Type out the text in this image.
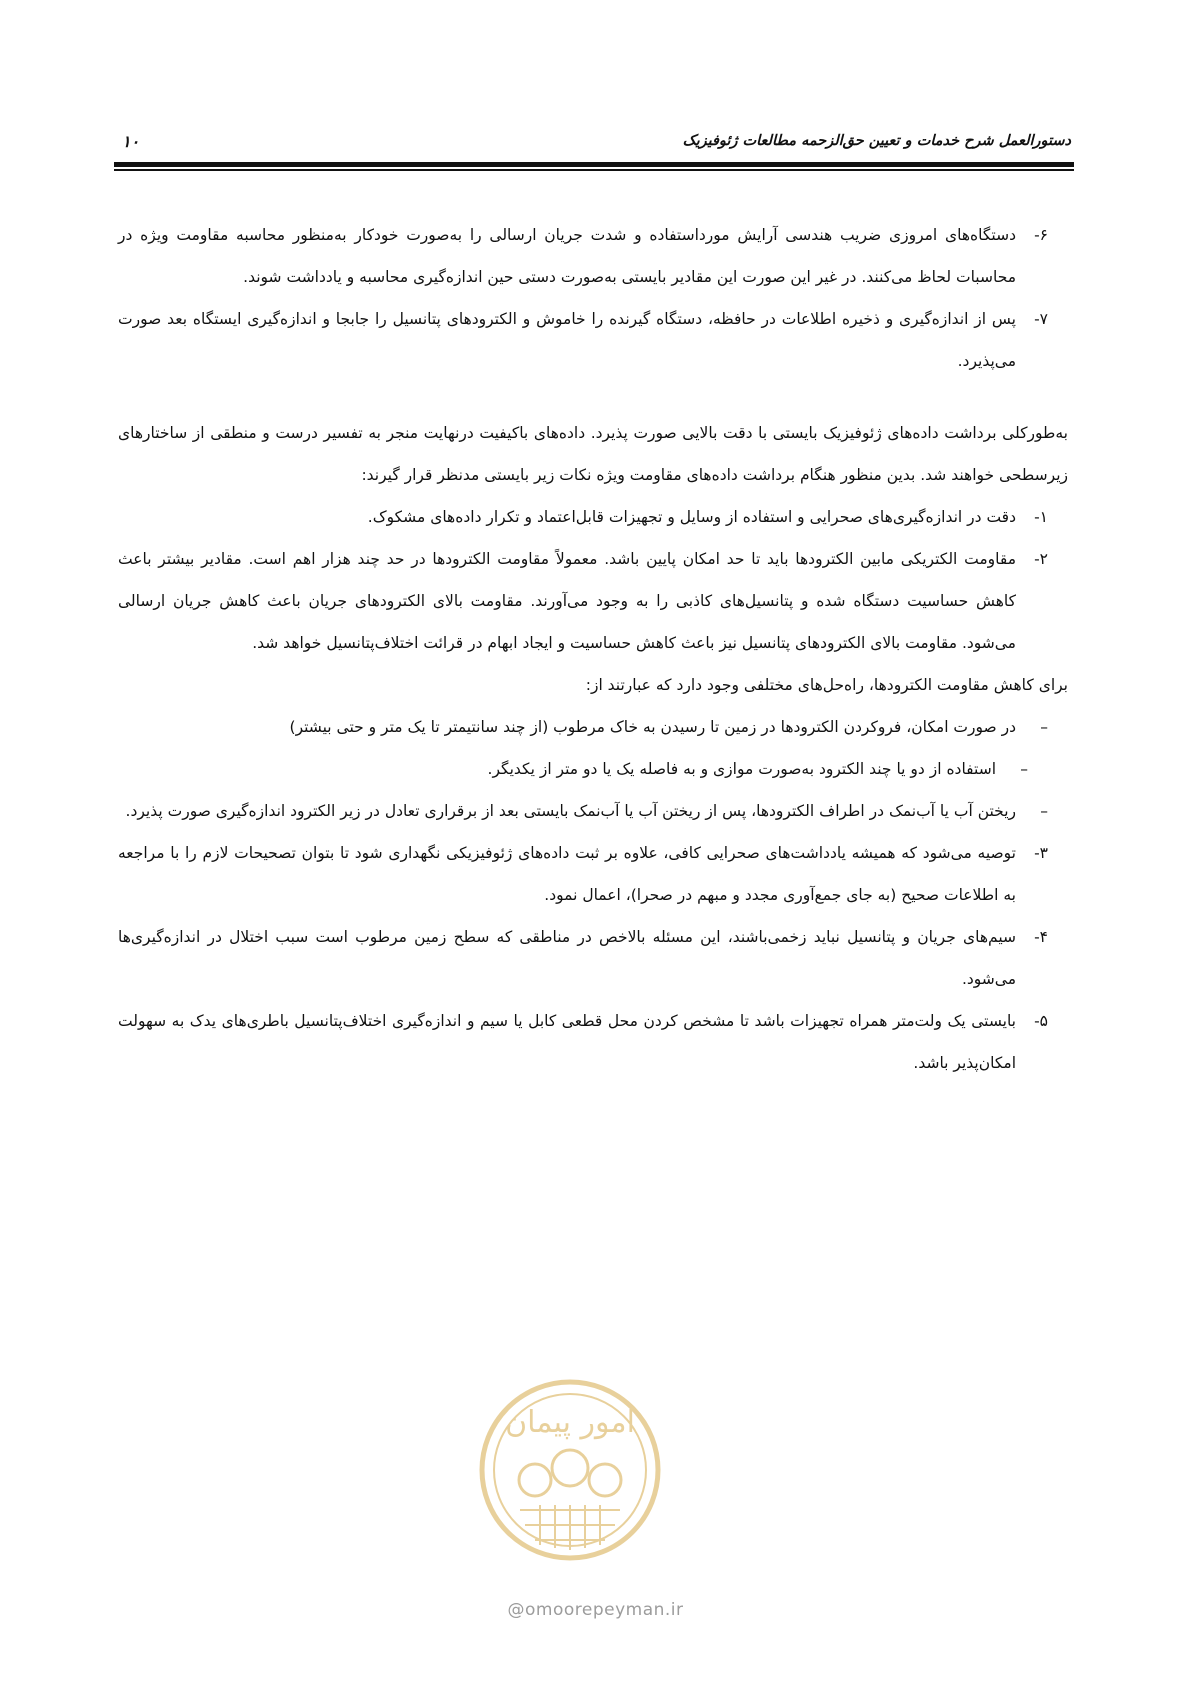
دستورالعمل شرح خدمات و تعیین حق‌الزحمه مطالعات ژئوفیزیک
۱۰
۶-
دستگاه‌های امروزی ضریب هندسی آرایش مورداستفاده و شدت جریان ارسالی را به‌صورت خودکار به‌منظور محاسبه مقاومت ویژه در محاسبات لحاظ می‌کنند. در غیر این صورت این مقادیر بایستی به‌صورت دستی حین اندازه‌گیری محاسبه و یادداشت شوند.
۷-
پس از اندازه‌گیری و ذخیره اطلاعات در حافظه، دستگاه گیرنده را خاموش و الکترودهای پتانسیل را جابجا و اندازه‌گیری ایستگاه بعد صورت می‌پذیرد.
به‌طورکلی برداشت داده‌های ژئوفیزیک بایستی با دقت بالایی صورت پذیرد. داده‌های باکیفیت درنهایت منجر به تفسیر درست و منطقی از ساختارهای زیرسطحی خواهند شد. بدین منظور هنگام برداشت داده‌های مقاومت ویژه نکات زیر بایستی مدنظر قرار گیرند:
۱-
دقت در اندازه‌گیری‌های صحرایی و استفاده از وسایل و تجهیزات قابل‌اعتماد و تکرار داده‌های مشکوک.
۲-
مقاومت الکتریکی مابین الکترودها باید تا حد امکان پایین باشد. معمولاً مقاومت الکترودها در حد چند هزار اهم است. مقادیر بیشتر باعث کاهش حساسیت دستگاه شده و پتانسیل‌های کاذبی را به وجود می‌آورند. مقاومت بالای الکترودهای جریان باعث کاهش جریان ارسالی می‌شود. مقاومت بالای الکترودهای پتانسیل نیز باعث کاهش حساسیت و ایجاد ابهام در قرائت اختلاف‌پتانسیل خواهد شد.
برای کاهش مقاومت الکترودها، راه‌حل‌های مختلفی وجود دارد که عبارتند از:
–
در صورت امکان، فروکردن الکترودها در زمین تا رسیدن به خاک مرطوب (از چند سانتیمتر تا یک متر و حتی بیشتر)
–
استفاده از دو یا چند الکترود به‌صورت موازی و به فاصله یک یا دو متر از یکدیگر.
–
ریختن آب یا آب‌نمک در اطراف الکترودها، پس از ریختن آب یا آب‌نمک بایستی بعد از برقراری تعادل در زیر الکترود اندازه‌گیری صورت پذیرد.
۳-
توصیه می‌شود که همیشه یادداشت‌های صحرایی کافی، علاوه بر ثبت داده‌های ژئوفیزیکی نگهداری شود تا بتوان تصحیحات لازم را با مراجعه به اطلاعات صحیح (به جای جمع‌آوری مجدد و مبهم در صحرا)، اعمال نمود.
۴-
سیم‌های جریان و پتانسیل نباید زخمی‌باشند، این مسئله بالاخص در مناطقی که سطح زمین مرطوب است سبب اختلال در اندازه‌گیری‌ها می‌شود.
۵-
بایستی یک ولت‌متر همراه تجهیزات باشد تا مشخص کردن محل قطعی کابل یا سیم و اندازه‌گیری اختلاف‌پتانسیل باطری‌های یدک به سهولت امکان‌پذیر باشد.
امور پیمان
@omoorepeyman.ir
